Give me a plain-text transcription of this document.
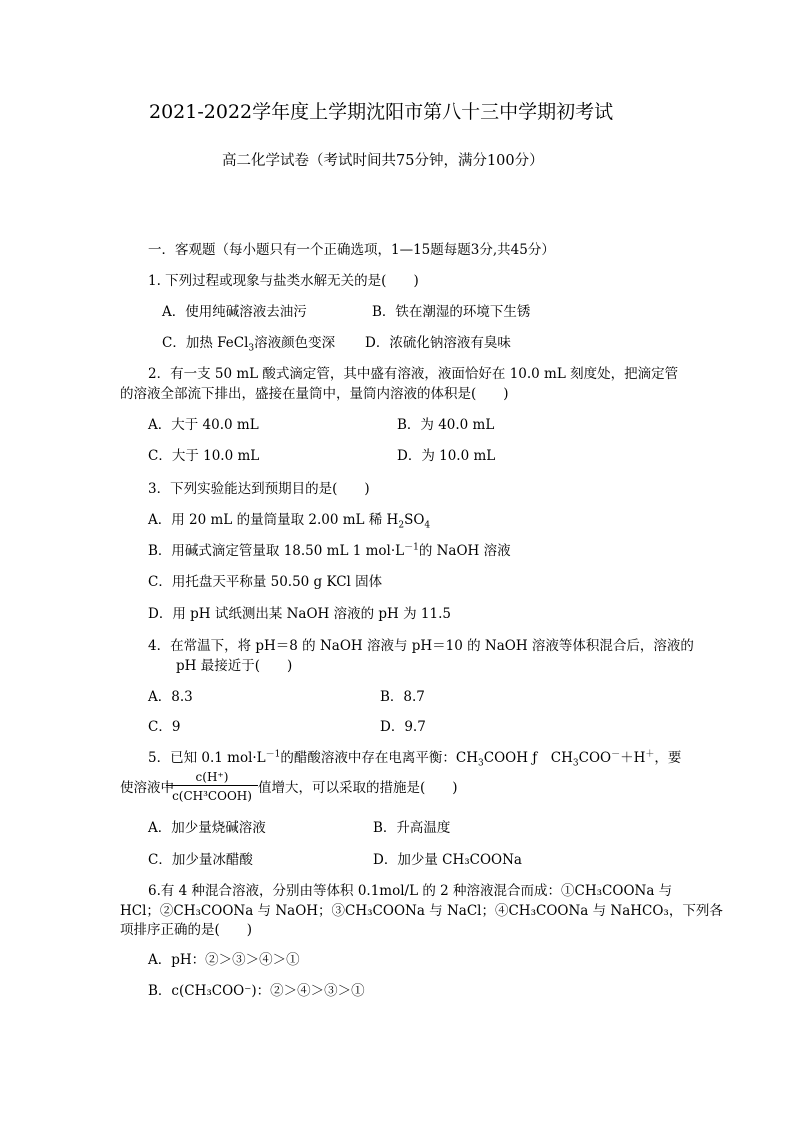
2021-2022学年度上学期沈阳市第八十三中学期初考试
高二化学试卷（考试时间共75分钟，满分100分）
一．客观题（每小题只有一个正确选项，1—15题每题3分,共45分）
1. 下列过程或现象与盐类水解无关的是(　　)
A．使用纯碱溶液去油污	B．铁在潮湿的环境下生锈
C．加热 FeCl$_3$溶液颜色变深 D．浓硫化钠溶液有臭味
2．有一支 50 mL 酸式滴定管，其中盛有溶液，液面恰好在 10.0 mL 刻度处，把滴定管
的溶液全部流下排出，盛接在量筒中，量筒内溶液的体积是(　　)
A．大于 40.0 mL	B．为 40.0 mL
C．大于 10.0 mL	D．为 10.0 mL
3．下列实验能达到预期目的是(　　)
A．用 20 mL 的量筒量取 2.00 mL 稀 $H_2SO_4$
B．用碱式滴定管量取 18.50 mL 1 $mol\cdot L^{-1}$的 NaOH 溶液
C．用托盘天平称量 50.50 g KCl 固体
D．用 pH 试纸测出某 NaOH 溶液的 pH 为 11.5
4．在常温下，将 pH＝8 的 NaOH 溶液与 pH＝10 的 NaOH 溶液等体积混合后，溶液的
pH 最接近于(　　)
A．8.3	B．8.7
C．9	D．9.7
5．已知 0.1 $mol\cdot L^{-1}$的醋酸溶液中存在电离平衡：$CH_3COOH$ ƒ　$CH_3COO^-+H^+$，要
使溶液中
c(H⁺)
c(CH³COOH) 值增大，可以采取的措施是(　　)
A．加少量烧碱溶液	B．升高温度
C．加少量冰醋酸	D．加少量 CH₃COONa
6.有 4 种混合溶液，分别由等体积 0.1mol/L 的 2 种溶液混合而成：①CH₃COONa 与
HCl；②CH₃COONa 与 NaOH；③CH₃COONa 与 NaCl；④CH₃COONa 与 NaHCO₃，下列各
项排序正确的是(　　)
A．pH：②＞③＞④＞①
B．c(CH₃COO⁻)：②＞④＞③＞①
